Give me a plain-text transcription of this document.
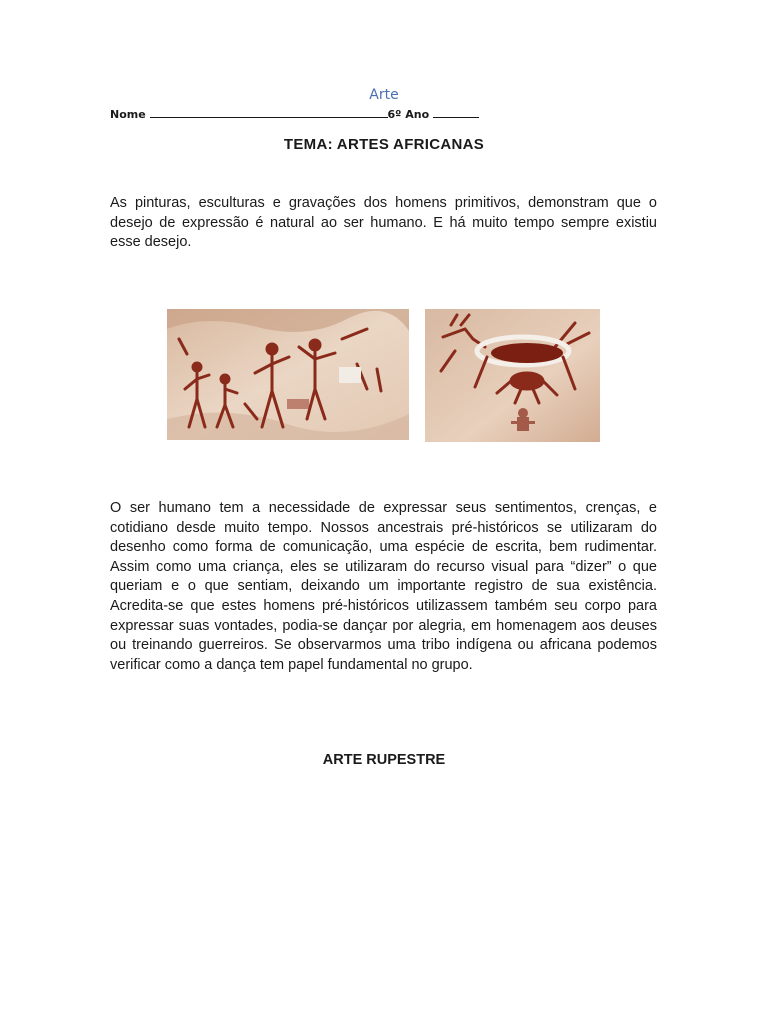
Arte
Nome	6º Ano
TEMA: ARTES AFRICANAS
As pinturas, esculturas e gravações dos homens primitivos, demonstram que o desejo de expressão é natural ao ser humano. E há muito tempo sempre existiu esse desejo.
O ser humano tem a necessidade de expressar seus sentimentos, crenças, e cotidiano desde muito tempo. Nossos ancestrais pré-históricos se utilizaram do desenho como forma de comunicação, uma espécie de escrita, bem rudimentar. Assim como uma criança, eles se utilizaram do recurso visual para “dizer” o que queriam e o que sentiam, deixando um importante registro de sua existência. Acredita-se que estes homens pré-históricos utilizassem também seu corpo para expressar suas vontades, podia-se dançar por alegria, em homenagem aos deuses ou treinando guerreiros. Se observarmos uma tribo indígena ou africana podemos verificar como a dança tem papel fundamental no grupo.
ARTE RUPESTRE
